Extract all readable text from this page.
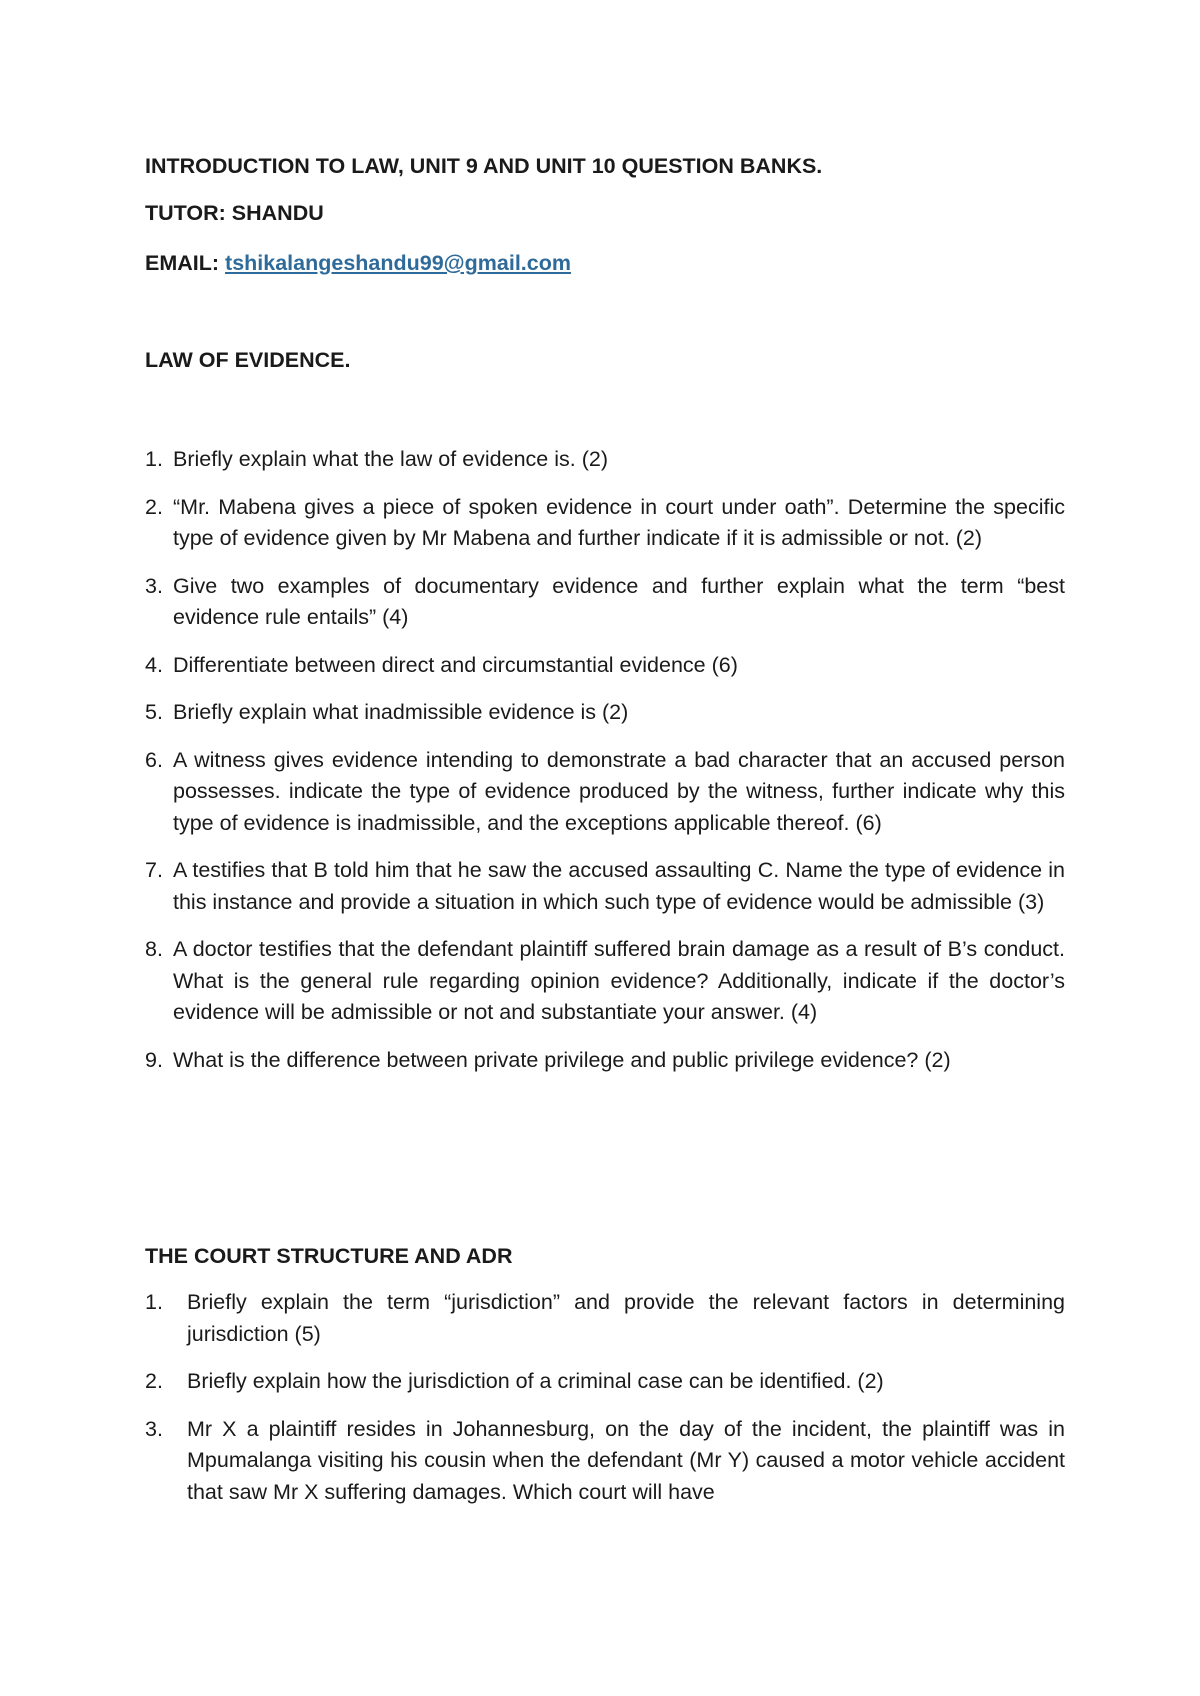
INTRODUCTION TO LAW, UNIT 9 AND UNIT 10 QUESTION BANKS.

TUTOR: SHANDU

EMAIL: tshikalangeshandu99@gmail.com

LAW OF EVIDENCE.

1. Briefly explain what the law of evidence is. (2)
2. “Mr. Mabena gives a piece of spoken evidence in court under oath”. Determine the specific type of evidence given by Mr Mabena and further indicate if it is admissible or not. (2)
3. Give two examples of documentary evidence and further explain what the term “best evidence rule entails” (4)
4. Differentiate between direct and circumstantial evidence (6)
5. Briefly explain what inadmissible evidence is (2)
6. A witness gives evidence intending to demonstrate a bad character that an accused person possesses. indicate the type of evidence produced by the witness, further indicate why this type of evidence is inadmissible, and the exceptions applicable thereof. (6)
7. A testifies that B told him that he saw the accused assaulting C. Name the type of evidence in this instance and provide a situation in which such type of evidence would be admissible (3)
8. A doctor testifies that the defendant plaintiff suffered brain damage as a result of B’s conduct. What is the general rule regarding opinion evidence? Additionally, indicate if the doctor’s evidence will be admissible or not and substantiate your answer. (4)
9. What is the difference between private privilege and public privilege evidence? (2)

THE COURT STRUCTURE AND ADR

1. Briefly explain the term “jurisdiction” and provide the relevant factors in determining jurisdiction (5)
2. Briefly explain how the jurisdiction of a criminal case can be identified. (2)
3. Mr X a plaintiff resides in Johannesburg, on the day of the incident, the plaintiff was in Mpumalanga visiting his cousin when the defendant (Mr Y) caused a motor vehicle accident that saw Mr X suffering damages. Which court will have
